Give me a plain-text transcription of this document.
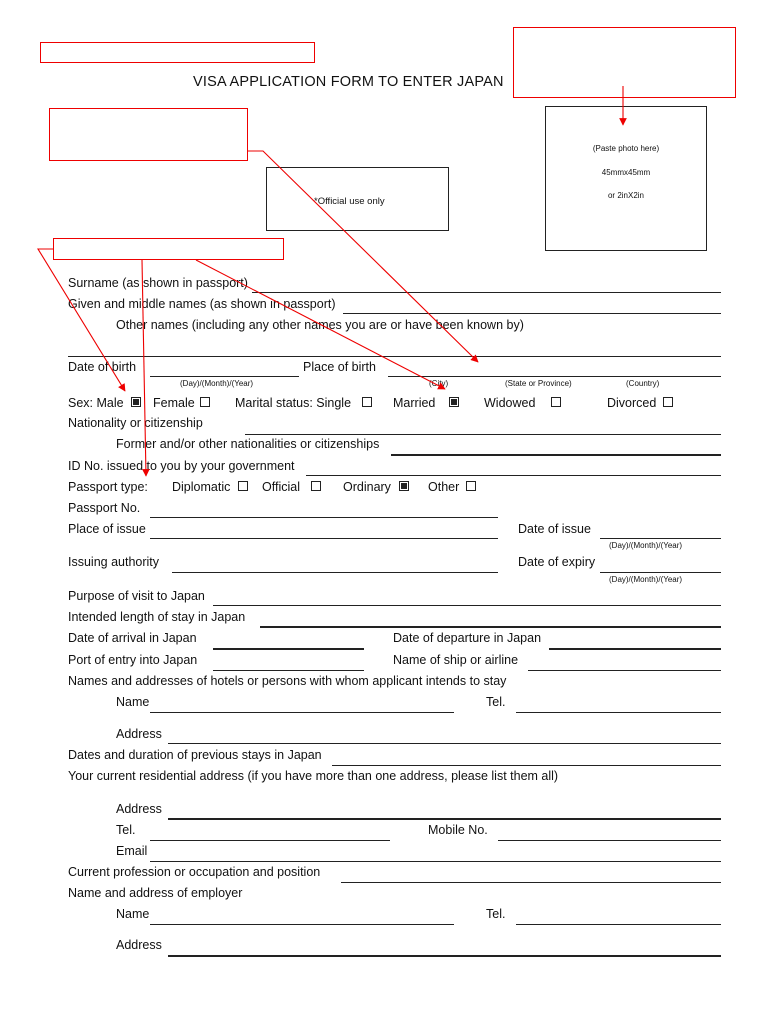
VISA APPLICATION FORM TO ENTER JAPAN
(Paste photo here)
45mmx45mm
or 2inX2in
*Official use only
Surname (as shown in passport)
Given and middle names (as shown in passport)
Other names (including any other names you are or have been known by)
Date of birth	Place of birth
(Day)/(Month)/(Year)	(City)	(State or Province)	(Country)
Sex: Male Female	Marital status: Single	Married	Widowed	Divorced
Nationality or citizenship
Former and/or other nationalities or citizenships
ID No. issued to you by your government
Passport type: Diplomatic	Official	Ordinary	Other
Passport No.
Place of issue	Date of issue
(Day)/(Month)/(Year)
Issuing authority	Date of expiry
(Day)/(Month)/(Year)
Purpose of visit to Japan
Intended length of stay in Japan
Date of arrival in Japan	Date of departure in Japan
Port of entry into Japan	Name of ship or airline
Names and addresses of hotels or persons with whom applicant intends to stay
Name	Tel.
Address
Dates and duration of previous stays in Japan
Your current residential address (if you have more than one address, please list them all)
Address
Tel.	Mobile No.
Email
Current profession or occupation and position
Name and address of employer
Name	Tel.
Address
